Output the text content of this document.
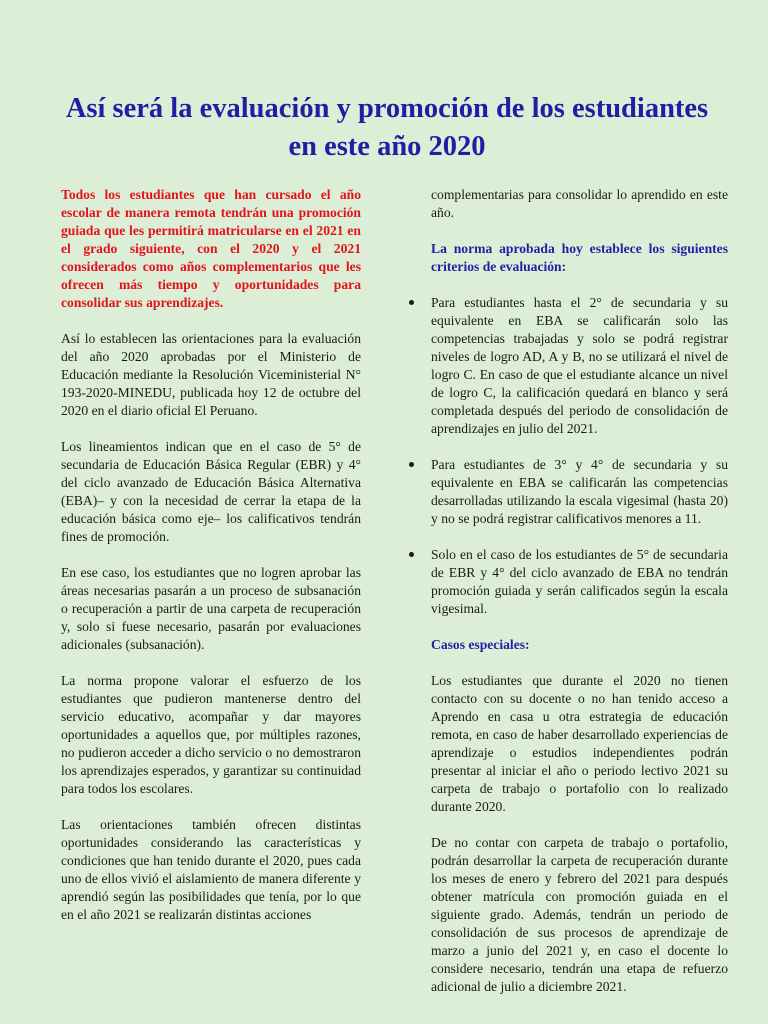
Así será la evaluación y promoción de los estudiantes en este año 2020

Todos los estudiantes que han cursado el año escolar de manera remota tendrán una promoción guiada que les permitirá matricularse en el 2021 en el grado siguiente, con el 2020 y el 2021 considerados como años complementarios que les ofrecen más tiempo y oportunidades para consolidar sus aprendizajes.

Así lo establecen las orientaciones para la evaluación del año 2020 aprobadas por el Ministerio de Educación mediante la Resolución Viceministerial N° 193-2020-MINEDU, publicada hoy 12 de octubre del 2020 en el diario oficial El Peruano.

Los lineamientos indican que en el caso de 5° de secundaria de Educación Básica Regular (EBR) y 4° del ciclo avanzado de Educación Básica Alternativa (EBA)– y con la necesidad de cerrar la etapa de la educación básica como eje– los calificativos tendrán fines de promoción.

En ese caso, los estudiantes que no logren aprobar las áreas necesarias pasarán a un proceso de subsanación o recuperación a partir de una carpeta de recuperación y, solo si fuese necesario, pasarán por evaluaciones adicionales (subsanación).

La norma propone valorar el esfuerzo de los estudiantes que pudieron mantenerse dentro del servicio educativo, acompañar y dar mayores oportunidades a aquellos que, por múltiples razones, no pudieron acceder a dicho servicio o no demostraron los aprendizajes esperados, y garantizar su continuidad para todos los escolares.

Las orientaciones también ofrecen distintas oportunidades considerando las características y condiciones que han tenido durante el 2020, pues cada uno de ellos vivió el aislamiento de manera diferente y aprendió según las posibilidades que tenía, por lo que en el año 2021 se realizarán distintas acciones

complementarias para consolidar lo aprendido en este año.

La norma aprobada hoy establece los siguientes criterios de evaluación:

Para estudiantes hasta el 2° de secundaria y su equivalente en EBA se calificarán solo las competencias trabajadas y solo se podrá registrar niveles de logro AD, A y B, no se utilizará el nivel de logro C. En caso de que el estudiante alcance un nivel de logro C, la calificación quedará en blanco y será completada después del periodo de consolidación de aprendizajes en julio del 2021.
Para estudiantes de 3° y 4° de secundaria y su equivalente en EBA se calificarán las competencias desarrolladas utilizando la escala vigesimal (hasta 20) y no se podrá registrar calificativos menores a 11.
Solo en el caso de los estudiantes de 5° de secundaria de EBR y 4° del ciclo avanzado de EBA no tendrán promoción guiada y serán calificados según la escala vigesimal.

Casos especiales:

Los estudiantes que durante el 2020 no tienen contacto con su docente o no han tenido acceso a Aprendo en casa u otra estrategia de educación remota, en caso de haber desarrollado experiencias de aprendizaje o estudios independientes podrán presentar al iniciar el año o periodo lectivo 2021 su carpeta de trabajo o portafolio con lo realizado durante 2020.

De no contar con carpeta de trabajo o portafolio, podrán desarrollar la carpeta de recuperación durante los meses de enero y febrero del 2021 para después obtener matrícula con promoción guiada en el siguiente grado. Además, tendrán un periodo de consolidación de sus procesos de aprendizaje de marzo a junio del 2021 y, en caso el docente lo considere necesario, tendrán una etapa de refuerzo adicional de julio a diciembre 2021.
